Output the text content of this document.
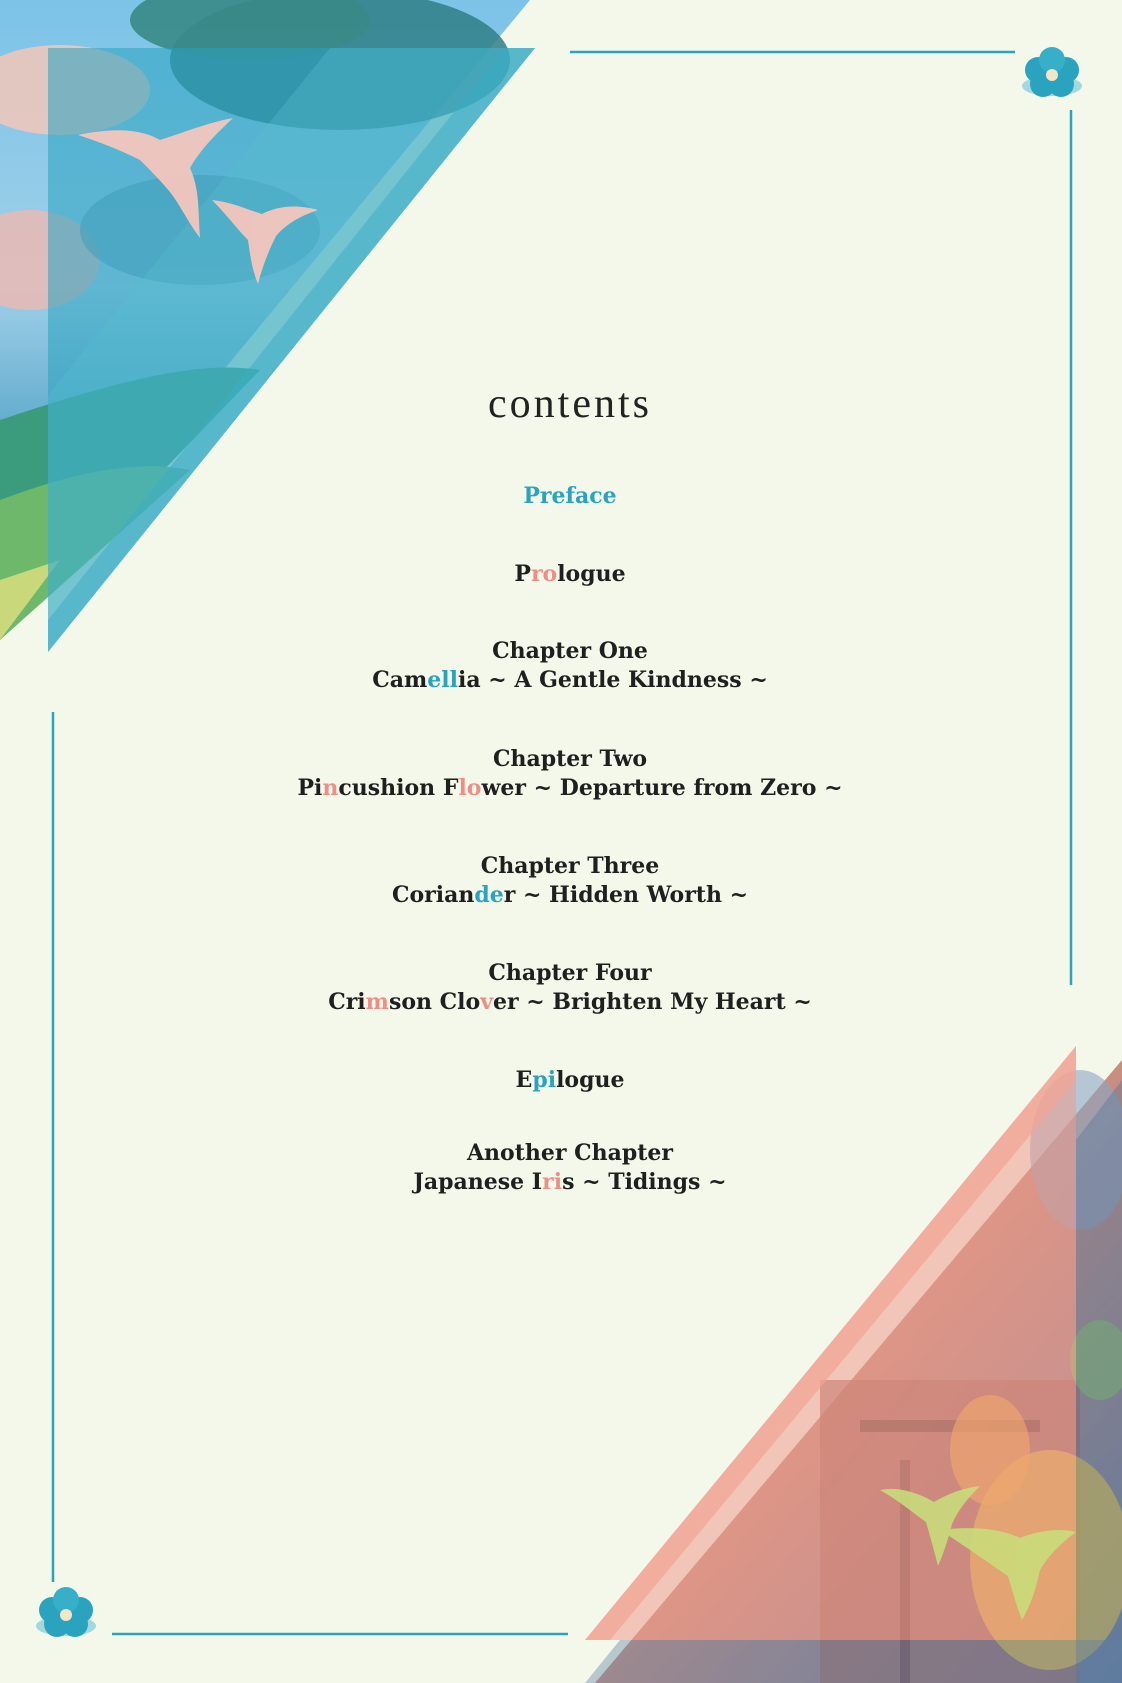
contents
Preface
Prologue
Chapter One
Camellia ~ A Gentle Kindness ~
Chapter Two
Pincushion Flower ~ Departure from Zero ~
Chapter Three
Coriander ~ Hidden Worth ~
Chapter Four
Crimson Clover ~ Brighten My Heart ~
Epilogue
Another Chapter
Japanese Iris ~ Tidings ~
